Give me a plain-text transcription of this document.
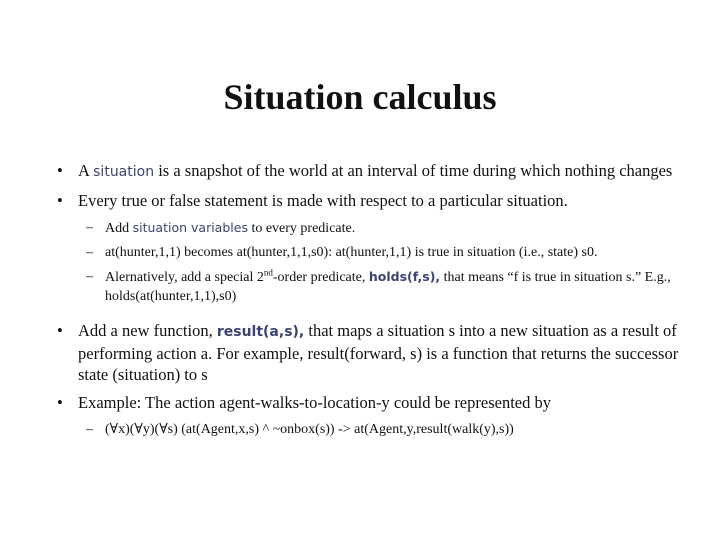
Situation calculus
• A situation is a snapshot of the world at an interval of time during which nothing changes
• Every true or false statement is made with respect to a particular situation.
– Add situation variables to every predicate.
– at(hunter,1,1) becomes at(hunter,1,1,s0): at(hunter,1,1) is true in situation (i.e., state) s0.
– Alernatively, add a special 2nd-order predicate, holds(f,s), that means “f is true in situation s.” E.g., holds(at(hunter,1,1),s0)
• Add a new function, result(a,s), that maps a situation s into a new situation as a result of performing action a. For example, result(forward, s) is a function that returns the successor state (situation) to s
• Example: The action agent-walks-to-location-y could be represented by
– (∀x)(∀y)(∀s) (at(Agent,x,s) ^ ~onbox(s)) -> at(Agent,y,result(walk(y),s))
